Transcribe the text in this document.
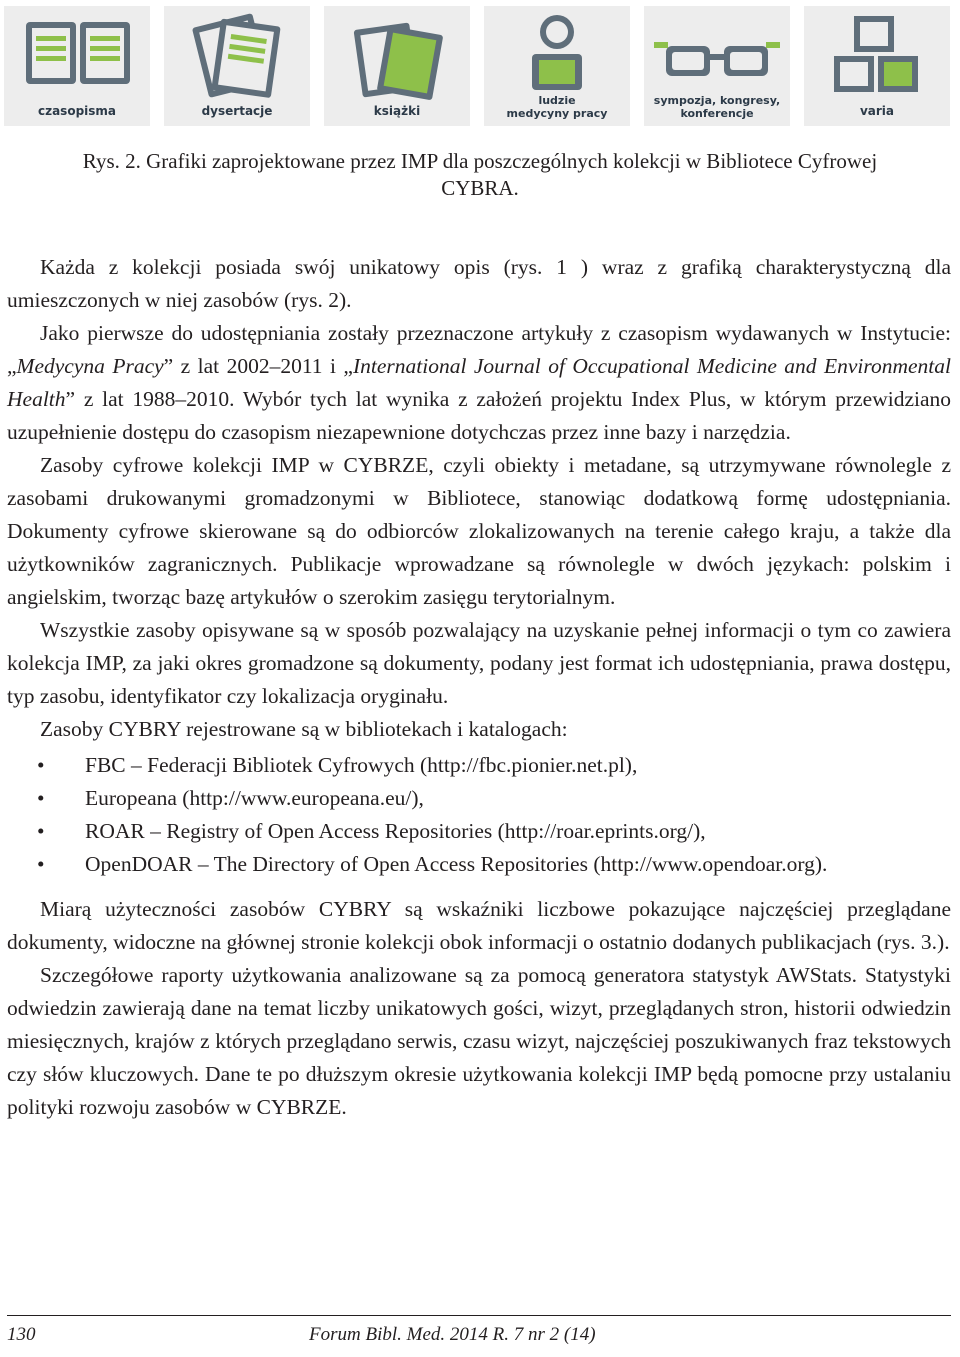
czasopisma	dysertacje	książki
ludzie
medycyny pracy
sympozja, kongresy,
konferencje	varia
Rys. 2. Grafiki zaprojektowane przez IMP dla poszczególnych kolekcji w Bibliotece Cyfrowej
CYBRA.

Każda z kolekcji posiada swój unikatowy opis (rys. 1 ) wraz z grafiką charakterystyczną dla umieszczonych w niej zasobów (rys. 2).

Jako pierwsze do udostępniania zostały przeznaczone artykuły z czasopism wydawanych w Instytucie: „Medycyna Pracy” z lat 2002–2011 i „International Journal of Occupational Medicine and Environmental Health” z lat 1988–2010. Wybór tych lat wynika z założeń projektu Index Plus, w którym przewidziano uzupełnienie dostępu do czasopism niezapewnione dotychczas przez inne bazy i narzędzia.

Zasoby cyfrowe kolekcji IMP w CYBRZE, czyli obiekty i metadane, są utrzymywane równolegle z zasobami drukowanymi gromadzonymi w Bibliotece, stanowiąc dodatkową formę udostępniania. Dokumenty cyfrowe skierowane są do odbiorców zlokalizowanych na terenie całego kraju, a także dla użytkowników zagranicznych. Publikacje wprowadzane są równolegle w dwóch językach: polskim i angielskim, tworząc bazę artykułów o szerokim zasięgu terytorialnym.

Wszystkie zasoby opisywane są w sposób pozwalający na uzyskanie pełnej informacji o tym co zawiera kolekcja IMP, za jaki okres gromadzone są dokumenty, podany jest format ich udostępniania, prawa dostępu, typ zasobu, identyfikator czy lokalizacja oryginału.

Zasoby CYBRY rejestrowane są w bibliotekach i katalogach:

• FBC – Federacji Bibliotek Cyfrowych (http://fbc.pionier.net.pl),
• Europeana (http://www.europeana.eu/),
• ROAR – Registry of Open Access Repositories (http://roar.eprints.org/),
• OpenDOAR – The Directory of Open Access Repositories (http://www.opendoar.org).

Miarą użyteczności zasobów CYBRY są wskaźniki liczbowe pokazujące najczęściej przeglądane dokumenty, widoczne na głównej stronie kolekcji obok informacji o ostatnio dodanych publikacjach (rys. 3.).

Szczegółowe raporty użytkowania analizowane są za pomocą generatora statystyk AWStats. Statystyki odwiedzin zawierają dane na temat liczby unikatowych gości, wizyt, przeglądanych stron, historii odwiedzin miesięcznych, krajów z których przeglądano serwis, czasu wizyt, najczęściej poszukiwanych fraz tekstowych czy słów kluczowych. Dane te po dłuższym okresie użytkowania kolekcji IMP będą pomocne przy ustalaniu polityki rozwoju zasobów w CYBRZE.

130	Forum Bibl. Med. 2014 R. 7 nr 2 (14)
